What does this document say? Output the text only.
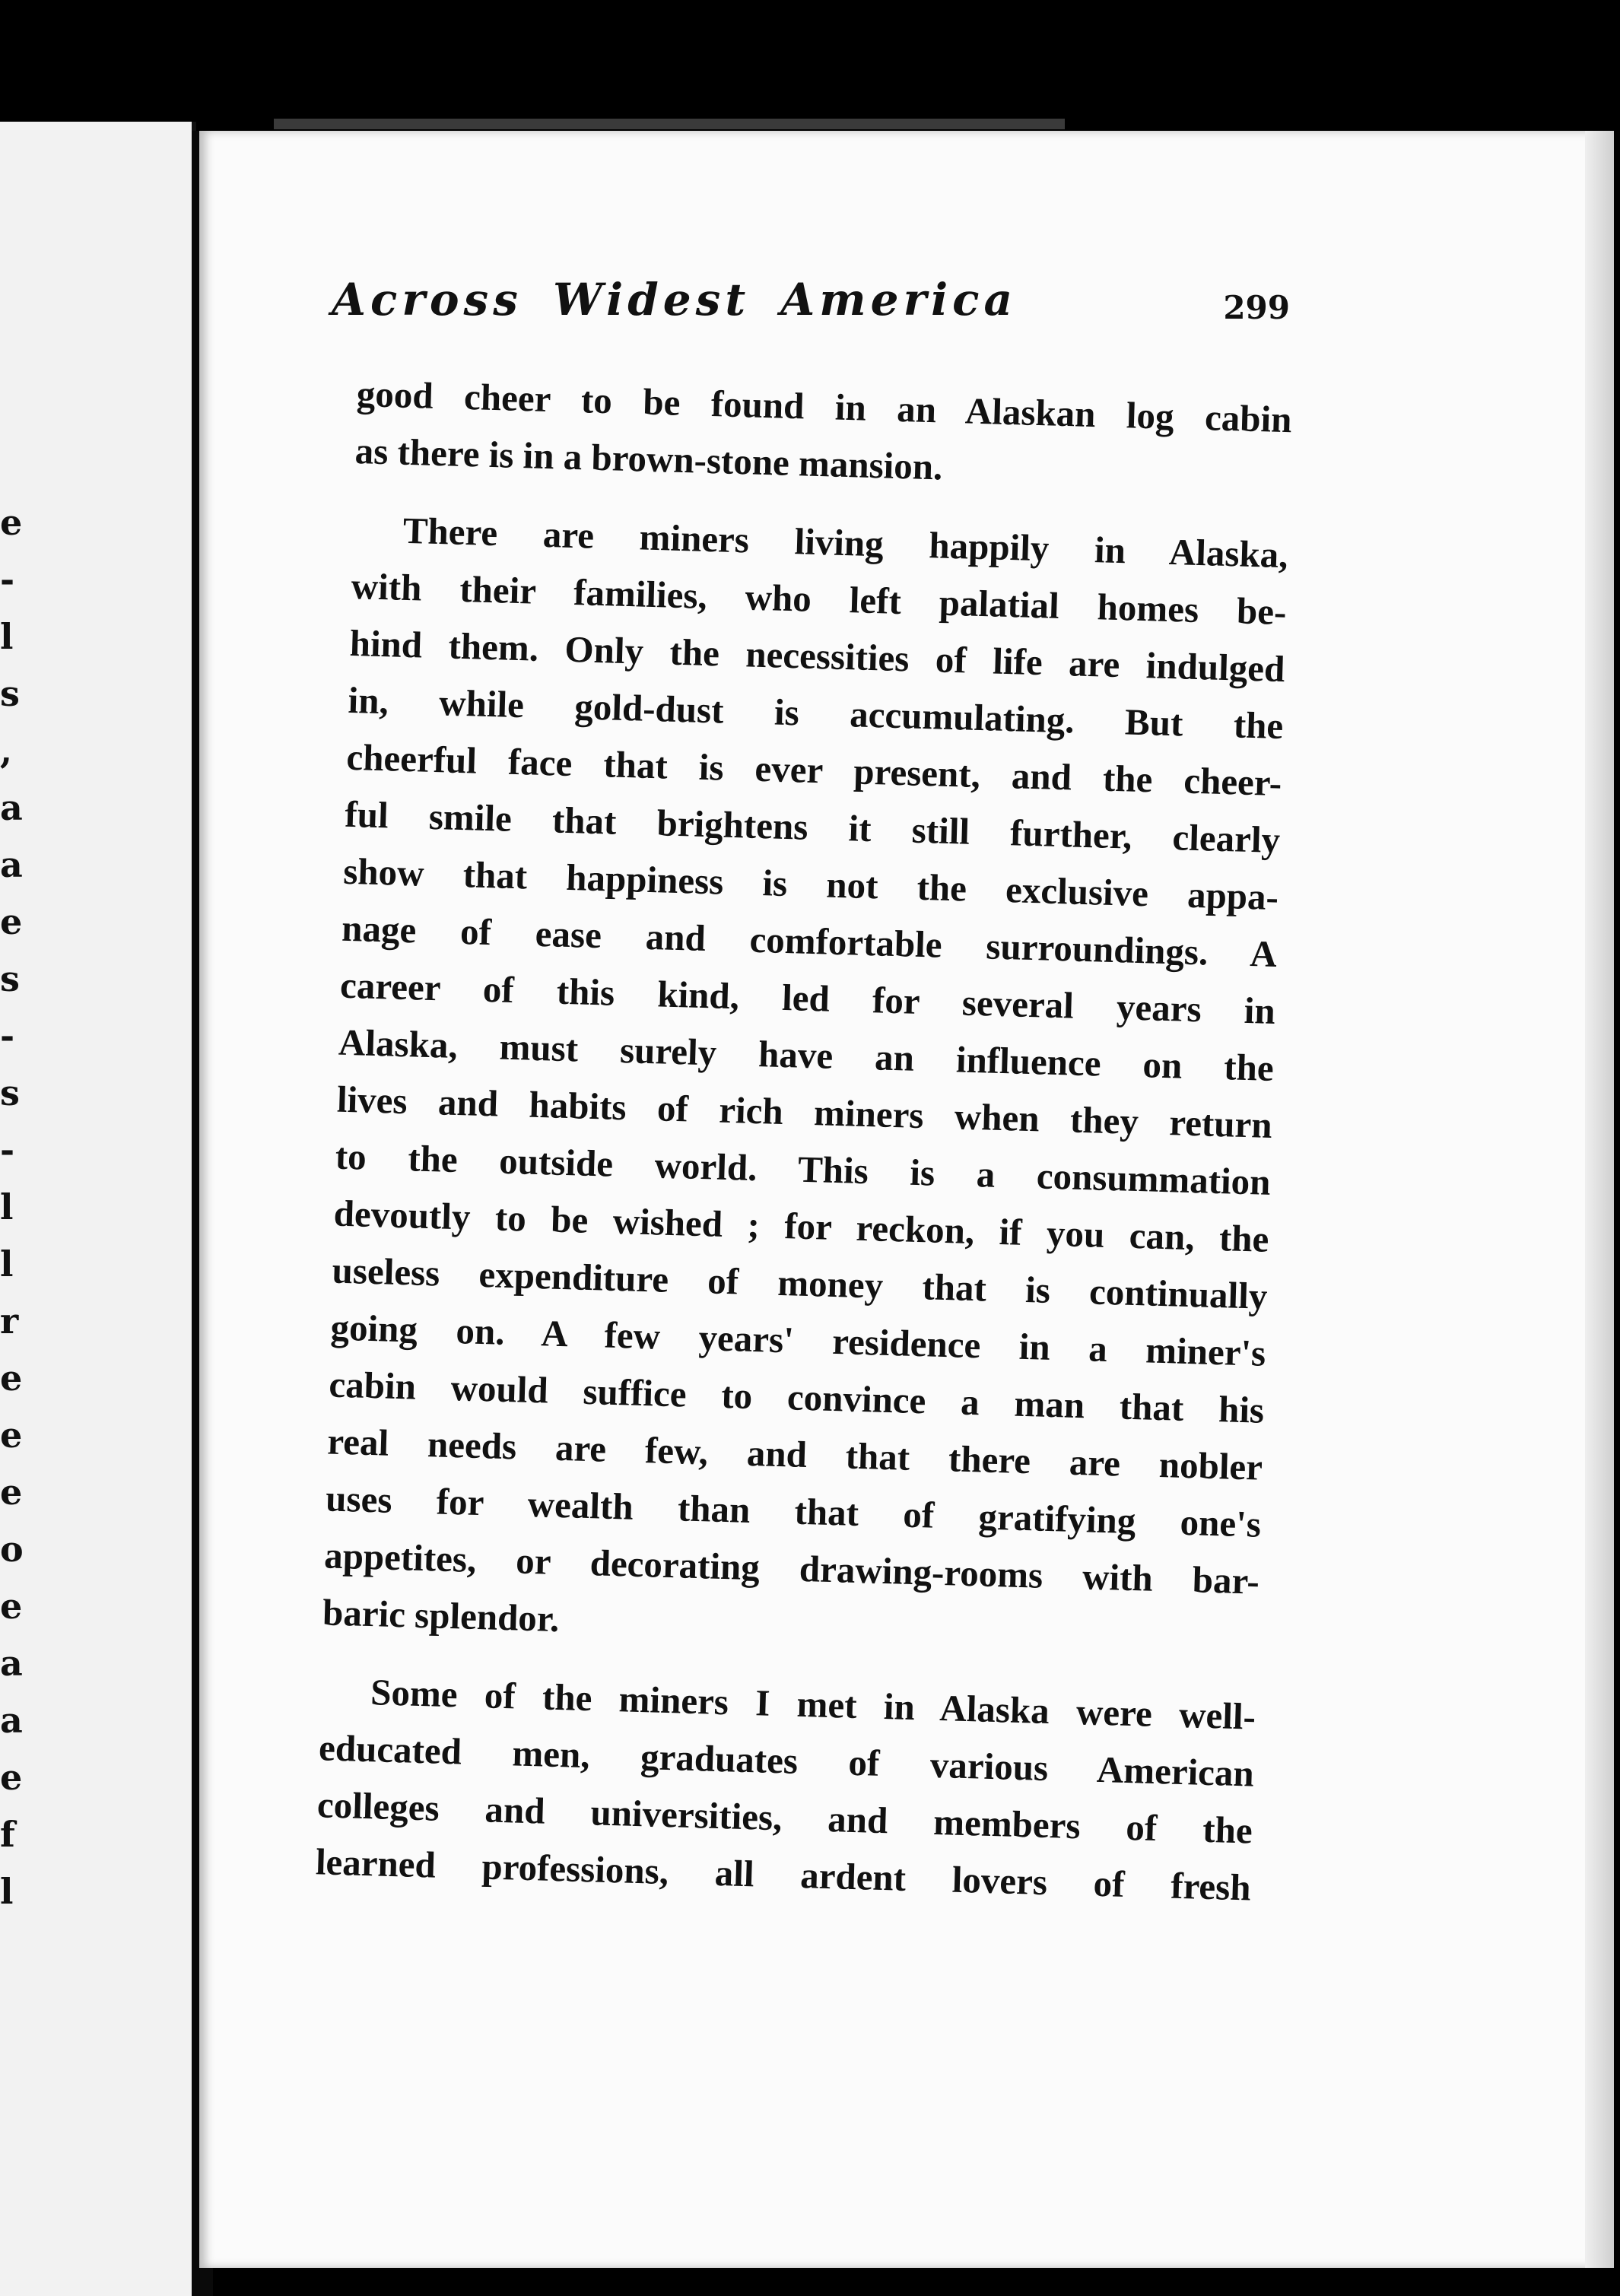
e
-
l
s
,
a
a
e
s
-
s
-
l
l
r
e
e
e
o
e
a
a
e
f
l
Across Widest America	299
good cheer to be found in an Alaskan log cabin
as there is in a brown-stone mansion.
There are miners living happily in Alaska,
with their families, who left palatial homes be-
hind them. Only the necessities of life are indulged
in, while gold-dust is accumulating. But the
cheerful face that is ever present, and the cheer-
ful smile that brightens it still further, clearly
show that happiness is not the exclusive appa-
nage of ease and comfortable surroundings. A
career of this kind, led for several years in
Alaska, must surely have an influence on the
lives and habits of rich miners when they return
to the outside world. This is a consummation
devoutly to be wished ; for reckon, if you can, the
useless expenditure of money that is continually
going on. A few years' residence in a miner's
cabin would suffice to convince a man that his
real needs are few, and that there are nobler
uses for wealth than that of gratifying one's
appetites, or decorating drawing-rooms with bar-
baric splendor.
Some of the miners I met in Alaska were well-
educated men, graduates of various American
colleges and universities, and members of the
learned professions, all ardent lovers of fresh
